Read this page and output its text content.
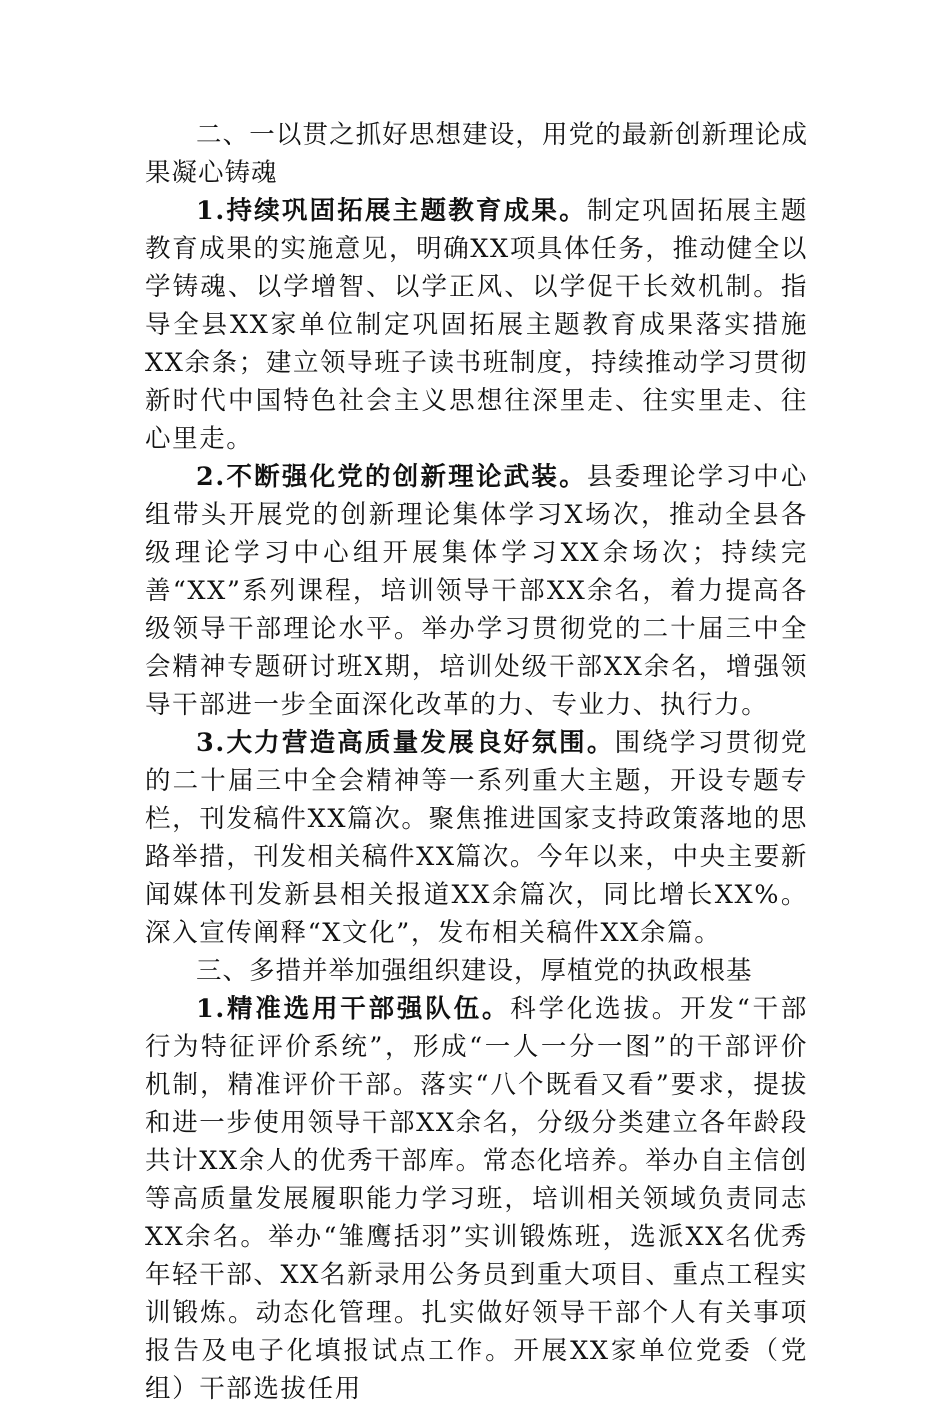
二、一以贯之抓好思想建设，用党的最新创新理论成果凝心铸魂

1.持续巩固拓展主题教育成果。制定巩固拓展主题教育成果的实施意见，明确XX项具体任务，推动健全以学铸魂、以学增智、以学正风、以学促干长效机制。指导全县XX家单位制定巩固拓展主题教育成果落实措施XX余条；建立领导班子读书班制度，持续推动学习贯彻新时代中国特色社会主义思想往深里走、往实里走、往心里走。

2.不断强化党的创新理论武装。县委理论学习中心组带头开展党的创新理论集体学习X场次，推动全县各级理论学习中心组开展集体学习XX余场次；持续完善“XX”系列课程，培训领导干部XX余名，着力提高各级领导干部理论水平。举办学习贯彻党的二十届三中全会精神专题研讨班X期，培训处级干部XX余名，增强领导干部进一步全面深化改革的力、专业力、执行力。

3.大力营造高质量发展良好氛围。围绕学习贯彻党的二十届三中全会精神等一系列重大主题，开设专题专栏，刊发稿件XX篇次。聚焦推进国家支持政策落地的思路举措，刊发相关稿件XX篇次。今年以来，中央主要新闻媒体刊发新县相关报道XX余篇次，同比增长XX%。深入宣传阐释“X文化”，发布相关稿件XX余篇。

三、多措并举加强组织建设，厚植党的执政根基

1.精准选用干部强队伍。科学化选拔。开发“干部行为特征评价系统”，形成“一人一分一图”的干部评价机制，精准评价干部。落实“八个既看又看”要求，提拔和进一步使用领导干部XX余名，分级分类建立各年龄段共计XX余人的优秀干部库。常态化培养。举办自主信创等高质量发展履职能力学习班，培训相关领域负责同志XX余名。举办“雏鹰括羽”实训锻炼班，选派XX名优秀年轻干部、XX名新录用公务员到重大项目、重点工程实训锻炼。动态化管理。扎实做好领导干部个人有关事项报告及电子化填报试点工作。开展XX家单位党委（党组）干部选拔任用
